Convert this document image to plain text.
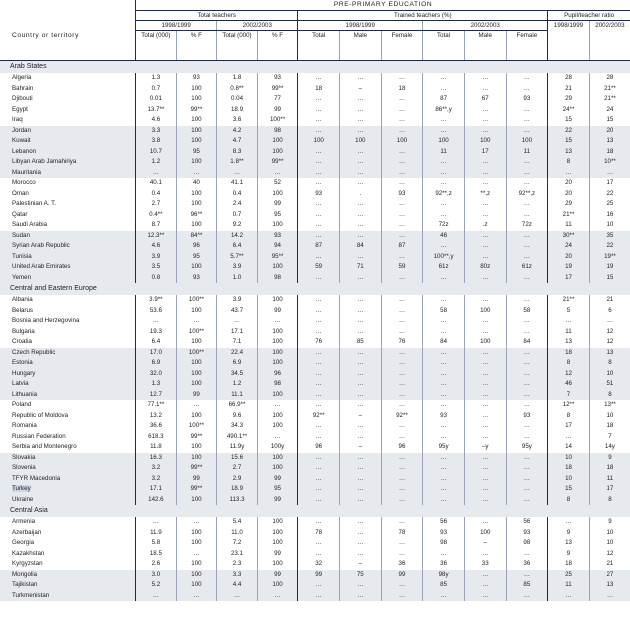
	PRE-PRIMARY EDUCATION											
Country or territory	Total teachers				Trained teachers (%)						Pupil/teacher ratio	
	1998/1999		2002/2003		1998/1999			2002/2003			1998/1999	2002/2003
	Total (000)	% F	Total (000)	% F	Total	Male	Female	Total	Male	Female		
Arab States												
Algeria	1.3	93	1.8	93	…	…	…	…	…	…	28	28
Bahrain	0.7	100	0.8**	99**	18	–	18	…	…	…	21	21**
Djibouti	0.01	100	0.04	77	…	…	…	87	67	93	29	21**
Egypt	13.7**	99**	18.9	99	…	…	…	86**,y	…	…	24**	24
Iraq	4.6	100	3.6	100**	…	…	…	…	…	…	15	15
Jordan	3.3	100	4.2	98	…	…	…	…	…	…	22	20
Kuwait	3.8	100	4.7	100	100	100	100	100	100	100	15	13
Lebanon	10.7	95	8.3	100	…	…	…	11	17	11	13	18
Libyan Arab Jamahiriya	1.2	100	1.8**	99**	…	…	…	…	…	…	8	10**
Mauritania	…	…	…	…	…	…	…	…	…	…	…	…
Morocco	40.1	40	41.1	52	…	…	…	…	…	…	20	17
Oman	0.4	100	0.4	100	93	.	93	92**,z	**,z	92**,z	20	22
Palestinian A. T.	2.7	100	2.4	99	…	…	…	…	…	…	29	25
Qatar	0.4**	96**	0.7	95	…	…	…	…	…	…	21**	16
Saudi Arabia	8.7	100	9.2	100	…	…	…	72z	.z	72z	11	10
Sudan	12.3**	84**	14.2	93	…	…	…	46	…	…	30**	35
Syrian Arab Republic	4.6	96	6.4	94	87	84	87	…	…	…	24	22
Tunisia	3.9	95	5.7**	95**	…	…	…	100**,y	…	…	20	19**
United Arab Emirates	3.5	100	3.9	100	59	71	59	61z	80z	61z	19	19
Yemen	0.8	93	1.0	98	…	…	…	…	…	…	17	15
Central and Eastern Europe												
Albania	3.9**	100**	3.9	100	…	…	…	…	…	…	21**	21
Belarus	53.6	100	43.7	99	…	…	…	58	100	58	5	6
Bosnia and Herzegovina	…	…	…	…	…	…	…	…	…	…	…	…
Bulgaria	19.3	100**	17.1	100	…	…	…	…	…	…	11	12
Croatia	6.4	100	7.1	100	76	85	76	84	100	84	13	12
Czech Republic	17.0	100**	22.4	100	…	…	…	…	…	…	18	13
Estonia	6.9	100	6.9	100	…	…	…	…	…	…	8	8
Hungary	32.0	100	34.5	96	…	…	…	…	…	…	12	10
Latvia	1.3	100	1.2	98	…	…	…	…	…	…	46	51
Lithuania	12.7	99	11.1	100	…	…	…	…	…	…	7	8
Poland	77.1**	…	66.9**	…	…	…	…	…	…	…	12**	13**
Republic of Moldova	13.2	100	9.6	100	92**	–	92**	93	…	93	8	10
Romania	36.6	100**	34.3	100	…	…	…	…	…	…	17	18
Russian Federation	618.3	99**	490.1**	…	…	…	…	…	…	…	…	7
Serbia and Montenegro	11.8	100	11.9y	100y	96	–	96	95y	–y	95y	14	14y
Slovakia	16.3	100	15.6	100	…	…	…	…	…	…	10	9
Slovenia	3.2	99**	2.7	100	…	…	…	…	…	…	18	18
TFYR Macedonia	3.2	99	2.9	99	…	…	…	…	…	…	10	11
Turkey	17.1	99**	18.9	95	…	…	…	…	…	…	15	17
Ukraine	142.6	100	113.3	99	…	…	…	…	…	…	8	8
Central Asia												
Armenia	…	…	5.4	100	…	…	…	56	…	56	…	9
Azerbaijan	11.9	100	11.0	100	78	…	78	93	100	93	9	10
Georgia	5.8	100	7.2	100	…	…	…	98	–	98	13	10
Kazakhstan	18.5	…	23.1	99	…	…	…	…	…	…	9	12
Kyrgyzstan	2.6	100	2.3	100	32	–	36	36	33	36	18	21
Mongolia	3.0	100	3.3	99	99	75	99	98y	…	…	25	27
Tajikistan	5.2	100	4.4	100	…	…	…	85	…	85	11	13
Turkmenistan	…	…	…	…	…	…	…	…	…	…	…	…
